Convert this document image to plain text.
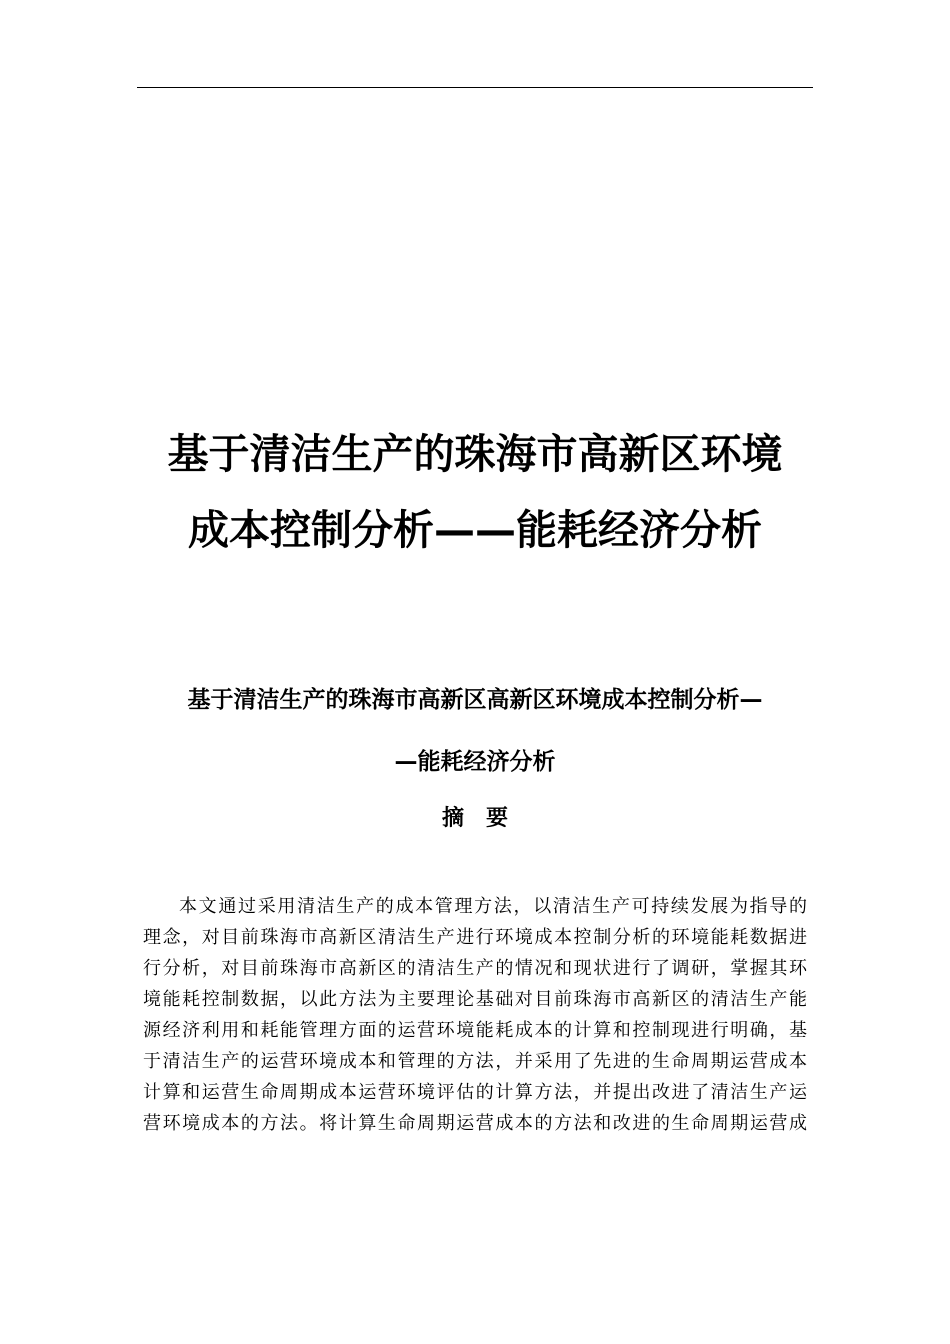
基于清洁生产的珠海市高新区环境
成本控制分析——能耗经济分析
基于清洁生产的珠海市高新区高新区环境成本控制分析—
—能耗经济分析
摘要
本文通过采用清洁生产的成本管理方法，以清洁生产可持续发展为指导的
理念，对目前珠海市高新区清洁生产进行环境成本控制分析的环境能耗数据进
行分析，对目前珠海市高新区的清洁生产的情况和现状进行了调研，掌握其环
境能耗控制数据，以此方法为主要理论基础对目前珠海市高新区的清洁生产能
源经济利用和耗能管理方面的运营环境能耗成本的计算和控制现进行明确，基
于清洁生产的运营环境成本和管理的方法，并采用了先进的生命周期运营成本
计算和运营生命周期成本运营环境评估的计算方法，并提出改进了清洁生产运
营环境成本的方法。将计算生命周期运营成本的方法和改进的生命周期运营成
